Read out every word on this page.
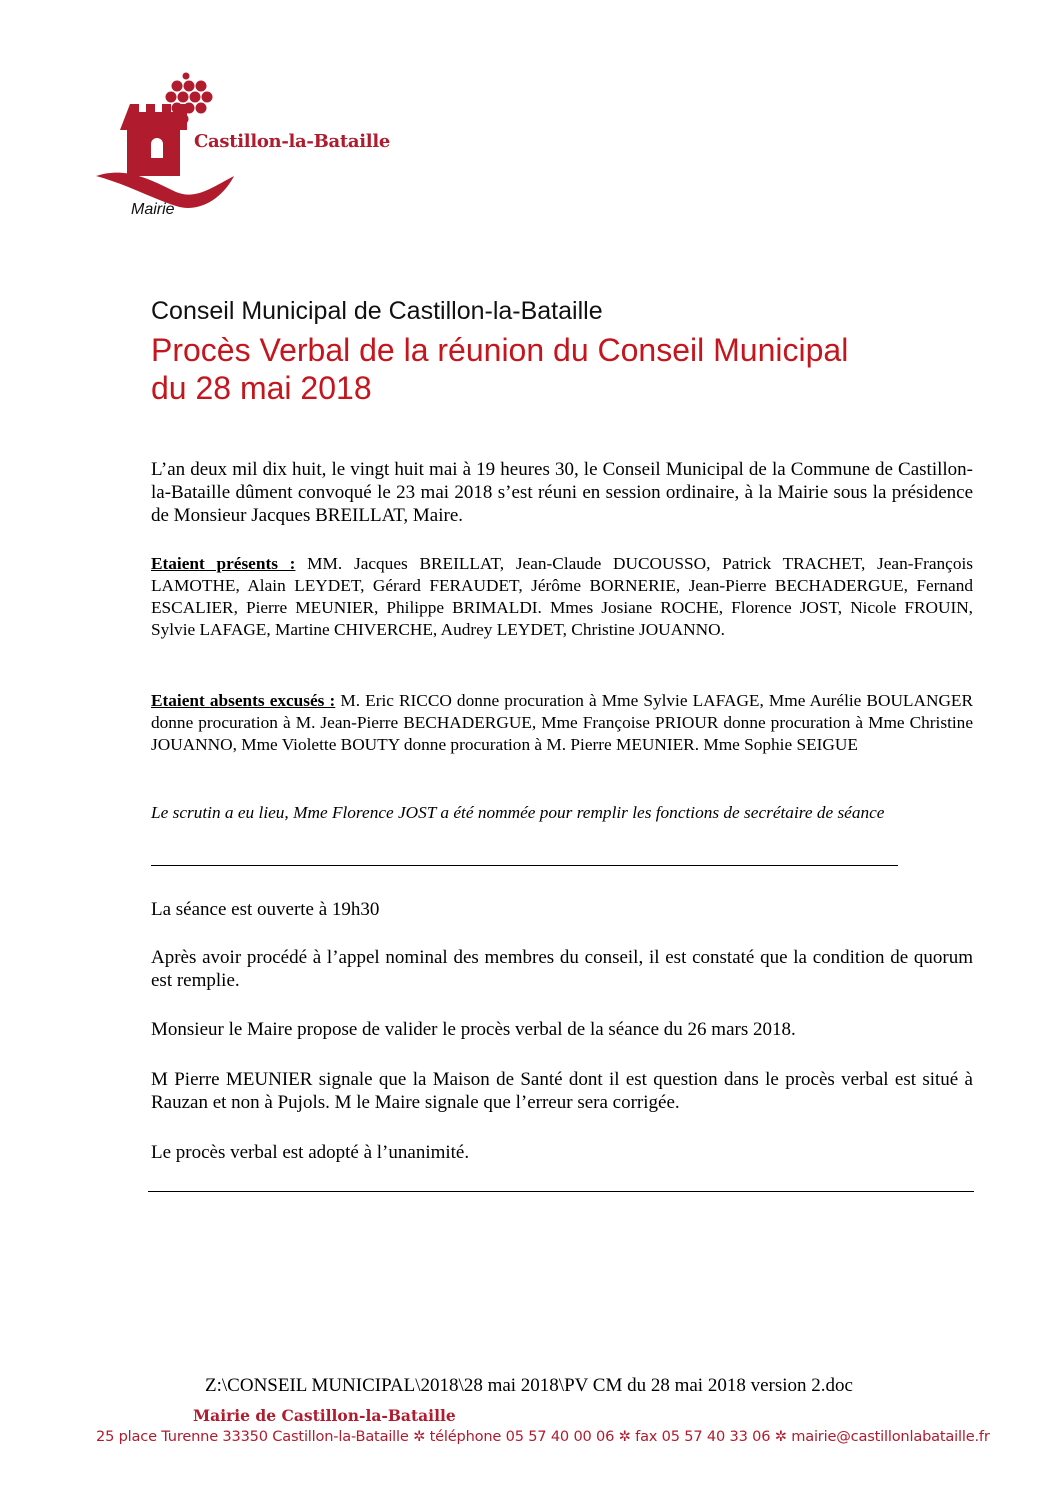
Castillon-la-Bataille
Mairie
Conseil Municipal de Castillon-la-Bataille
Procès Verbal de la réunion du Conseil Municipal
du 28 mai 2018

L’an deux mil dix huit, le vingt huit mai à 19 heures 30, le Conseil Municipal de la Commune de Castillon-la-Bataille dûment convoqué le 23 mai 2018 s’est réuni en session ordinaire, à la Mairie sous la présidence de Monsieur Jacques BREILLAT, Maire.

Etaient présents : MM. Jacques BREILLAT, Jean-Claude DUCOUSSO, Patrick TRACHET, Jean-François LAMOTHE, Alain LEYDET, Gérard FERAUDET, Jérôme BORNERIE, Jean-Pierre BECHADERGUE, Fernand ESCALIER, Pierre MEUNIER, Philippe BRIMALDI. Mmes Josiane ROCHE, Florence JOST, Nicole FROUIN, Sylvie LAFAGE, Martine CHIVERCHE, Audrey LEYDET, Christine JOUANNO.

Etaient absents excusés : M. Eric RICCO donne procuration à Mme Sylvie LAFAGE, Mme Aurélie BOULANGER donne procuration à M. Jean-Pierre BECHADERGUE, Mme Françoise PRIOUR donne procuration à Mme Christine JOUANNO, Mme Violette BOUTY donne procuration à M. Pierre MEUNIER. Mme Sophie SEIGUE

Le scrutin a eu lieu, Mme Florence JOST a été nommée pour remplir les fonctions de secrétaire de séance

La séance est ouverte à 19h30

Après avoir procédé à l’appel nominal des membres du conseil, il est constaté que la condition de quorum est remplie.

Monsieur le Maire propose de valider le procès verbal de la séance du 26 mars 2018.

M Pierre MEUNIER signale que la Maison de Santé dont il est question dans le procès verbal est situé à Rauzan et non à Pujols. M le Maire signale que l’erreur sera corrigée.

Le procès verbal est adopté à l’unanimité.

Z:\CONSEIL MUNICIPAL\2018\28 mai 2018\PV CM du 28 mai 2018 version 2.doc
Mairie de Castillon-la-Bataille
25 place Turenne 33350 Castillon-la-Bataille ✲ téléphone 05 57 40 00 06 ✲ fax 05 57 40 33 06 ✲ mairie@castillonlabataille.fr
